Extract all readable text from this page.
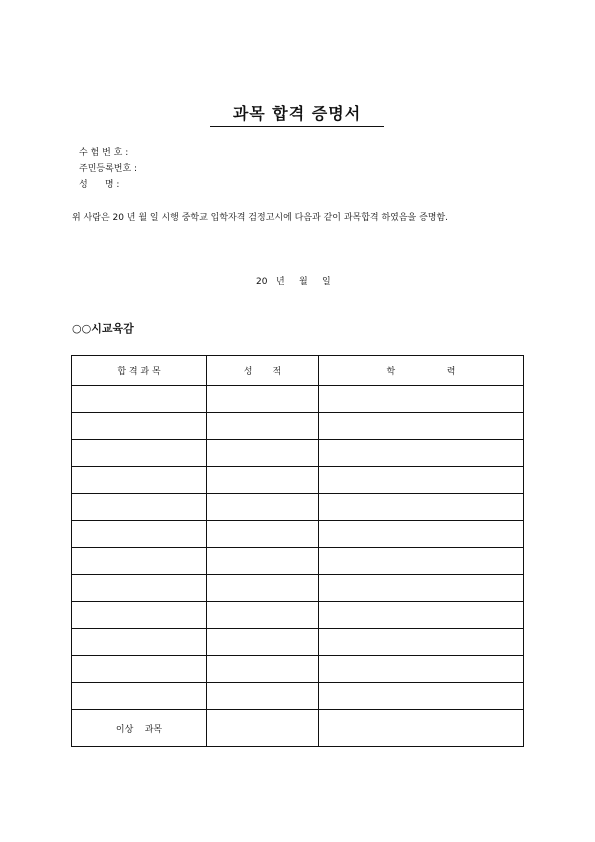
과목 합격 증명서
수 험 번 호 :
주민등록번호 :
성      명 :
위 사람은 20 년 월 일 시행 중학교 입학자격 검정고시에 다음과 같이 과목합격 하였음을 증명함.
20   년     월     일
○○시교육감
합 격 과 목	성       적	학                  력

이상    과목		
